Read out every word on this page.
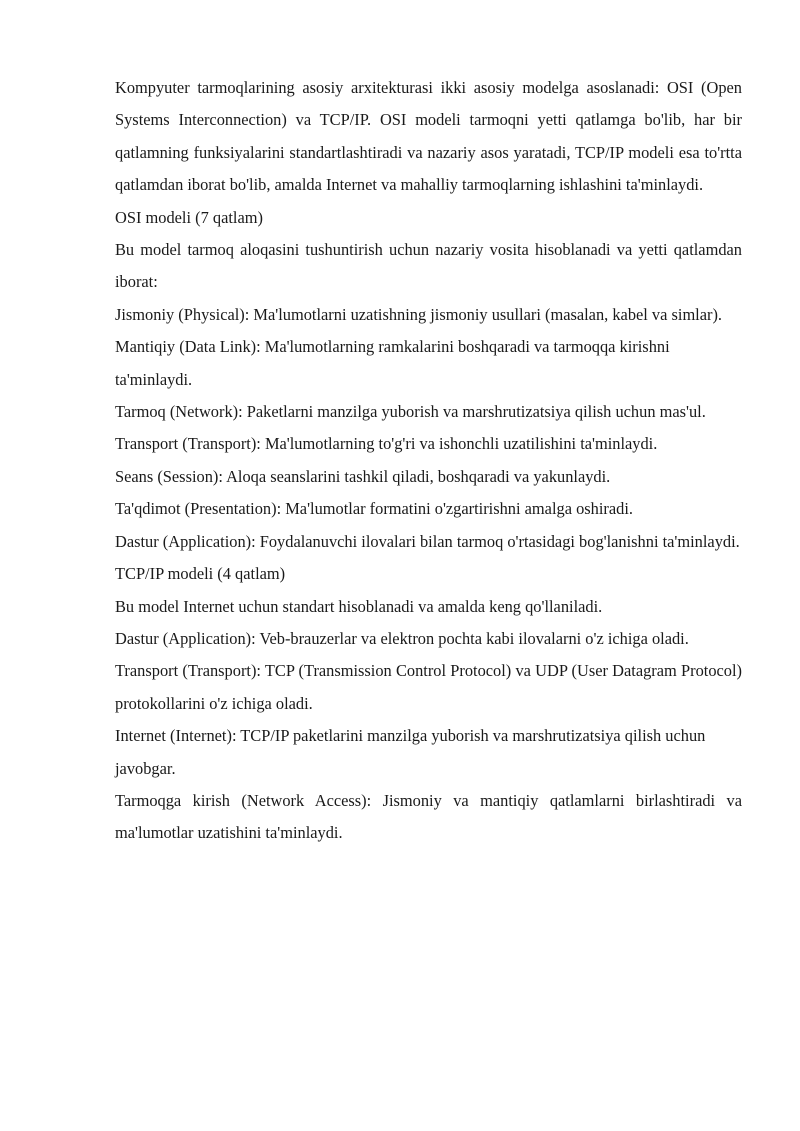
Kompyuter tarmoqlarining asosiy arxitekturasi ikki asosiy modelga asoslanadi: OSI (Open Systems Interconnection) va TCP/IP. OSI modeli tarmoqni yetti qatlamga bo'lib, har bir qatlamning funksiyalarini standartlashtiradi va nazariy asos yaratadi, TCP/IP modeli esa to'rtta qatlamdan iborat bo'lib, amalda Internet va mahalliy tarmoqlarning ishlashini ta'minlaydi.

OSI modeli (7 qatlam)

Bu model tarmoq aloqasini tushuntirish uchun nazariy vosita hisoblanadi va yetti qatlamdan iborat:

Jismoniy (Physical): Ma'lumotlarni uzatishning jismoniy usullari (masalan, kabel va simlar).

Mantiqiy (Data Link): Ma'lumotlarning ramkalarini boshqaradi va tarmoqqa kirishni ta'minlaydi.

Tarmoq (Network): Paketlarni manzilga yuborish va marshrutizatsiya qilish uchun mas'ul.

Transport (Transport): Ma'lumotlarning to'g'ri va ishonchli uzatilishini ta'minlaydi.

Seans (Session): Aloqa seanslarini tashkil qiladi, boshqaradi va yakunlaydi.

Ta'qdimot (Presentation): Ma'lumotlar formatini o'zgartirishni amalga oshiradi.

Dastur (Application): Foydalanuvchi ilovalari bilan tarmoq o'rtasidagi bog'lanishni ta'minlaydi.

TCP/IP modeli (4 qatlam)

Bu model Internet uchun standart hisoblanadi va amalda keng qo'llaniladi.

Dastur (Application): Veb-brauzerlar va elektron pochta kabi ilovalarni o'z ichiga oladi.

Transport (Transport): TCP (Transmission Control Protocol) va UDP (User Datagram Protocol) protokollarini o'z ichiga oladi.

Internet (Internet): TCP/IP paketlarini manzilga yuborish va marshrutizatsiya qilish uchun javobgar.

Tarmoqga kirish (Network Access): Jismoniy va mantiqiy qatlamlarni birlashtiradi va ma'lumotlar uzatishini ta'minlaydi.
